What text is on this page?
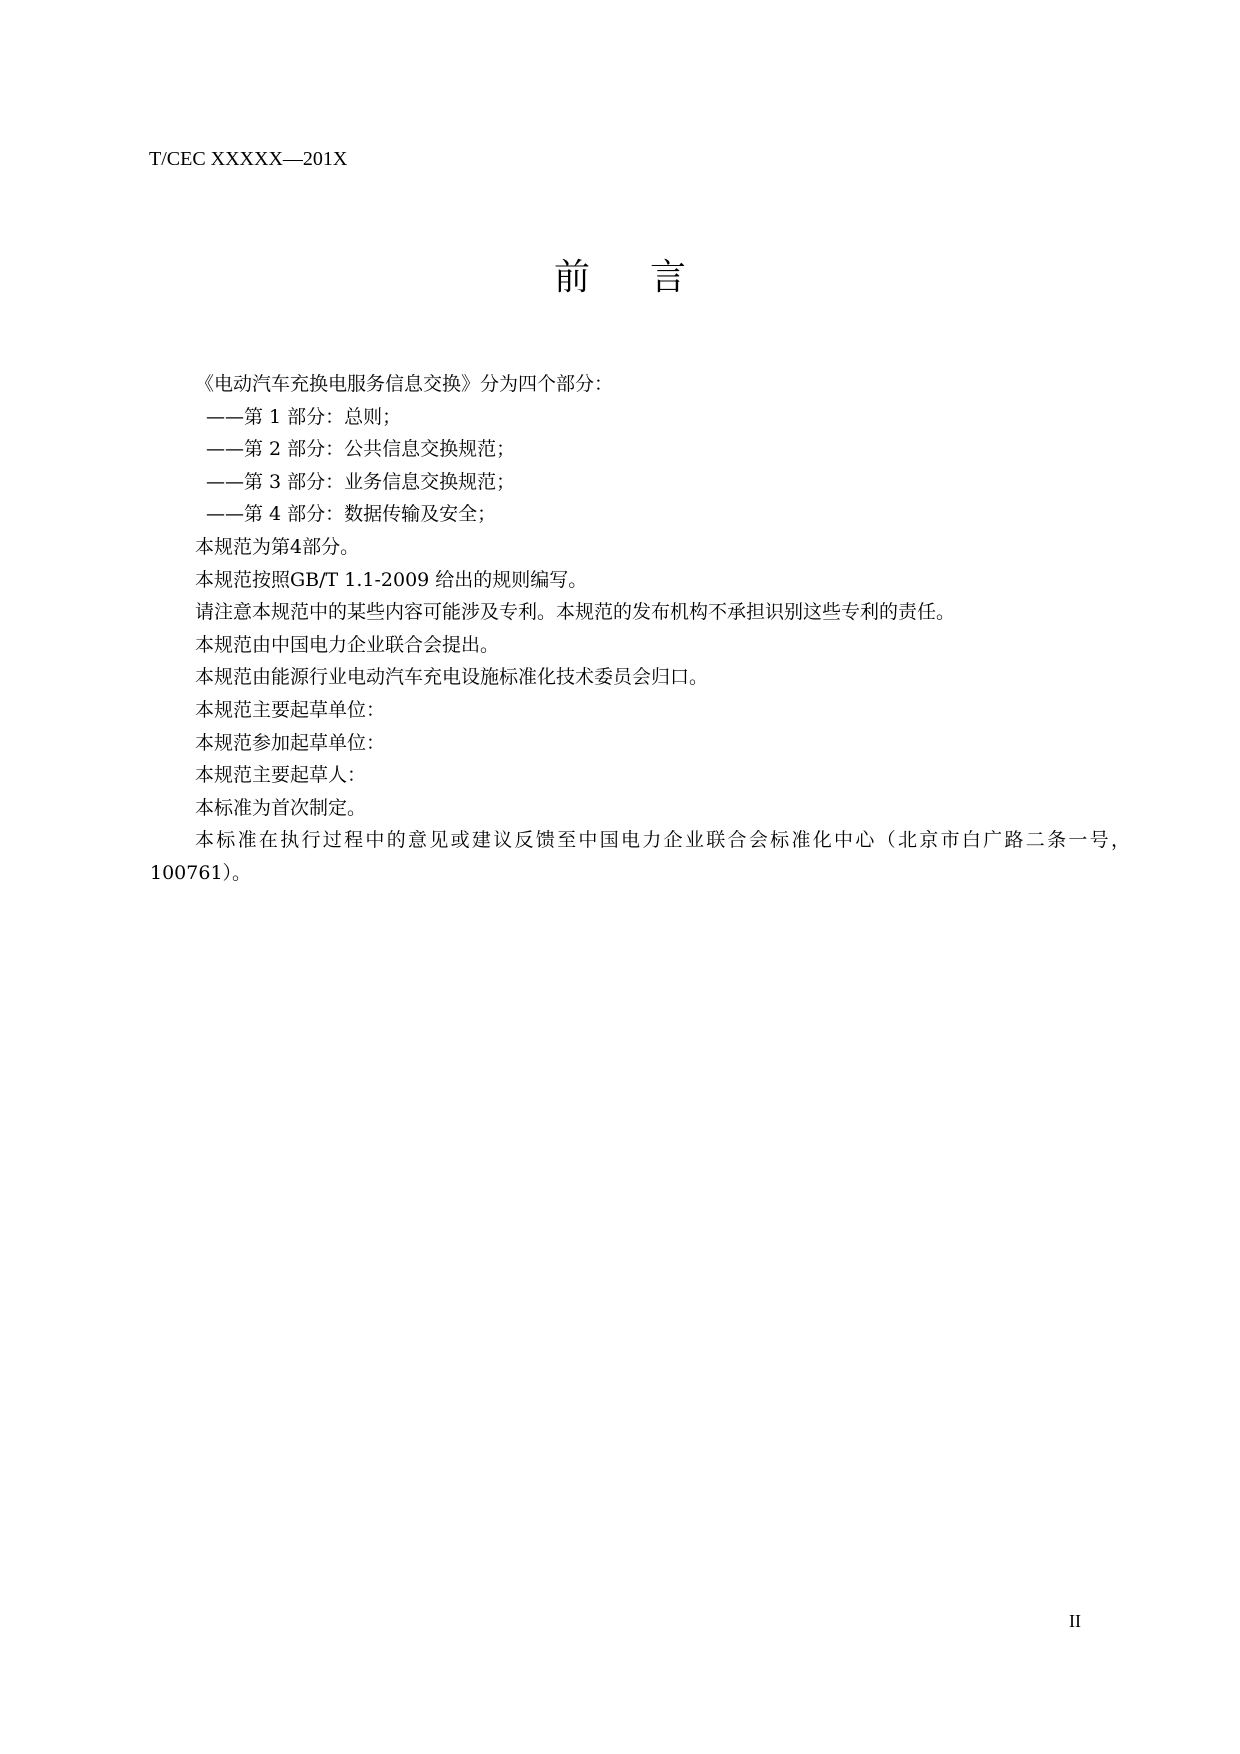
T/CEC XXXXX—201X
前 言
《电动汽车充换电服务信息交换》分为四个部分：
——第 1 部分：总则；
——第 2 部分：公共信息交换规范；
——第 3 部分：业务信息交换规范；
——第 4 部分：数据传输及安全；
本规范为第4部分。
本规范按照GB/T 1.1-2009 给出的规则编写。
请注意本规范中的某些内容可能涉及专利。本规范的发布机构不承担识别这些专利的责任。
本规范由中国电力企业联合会提出。
本规范由能源行业电动汽车充电设施标准化技术委员会归口。
本规范主要起草单位：
本规范参加起草单位：
本规范主要起草人：
本标准为首次制定。
本标准在执行过程中的意见或建议反馈至中国电力企业联合会标准化中心（北京市白广路二条一号，100761）。
II
